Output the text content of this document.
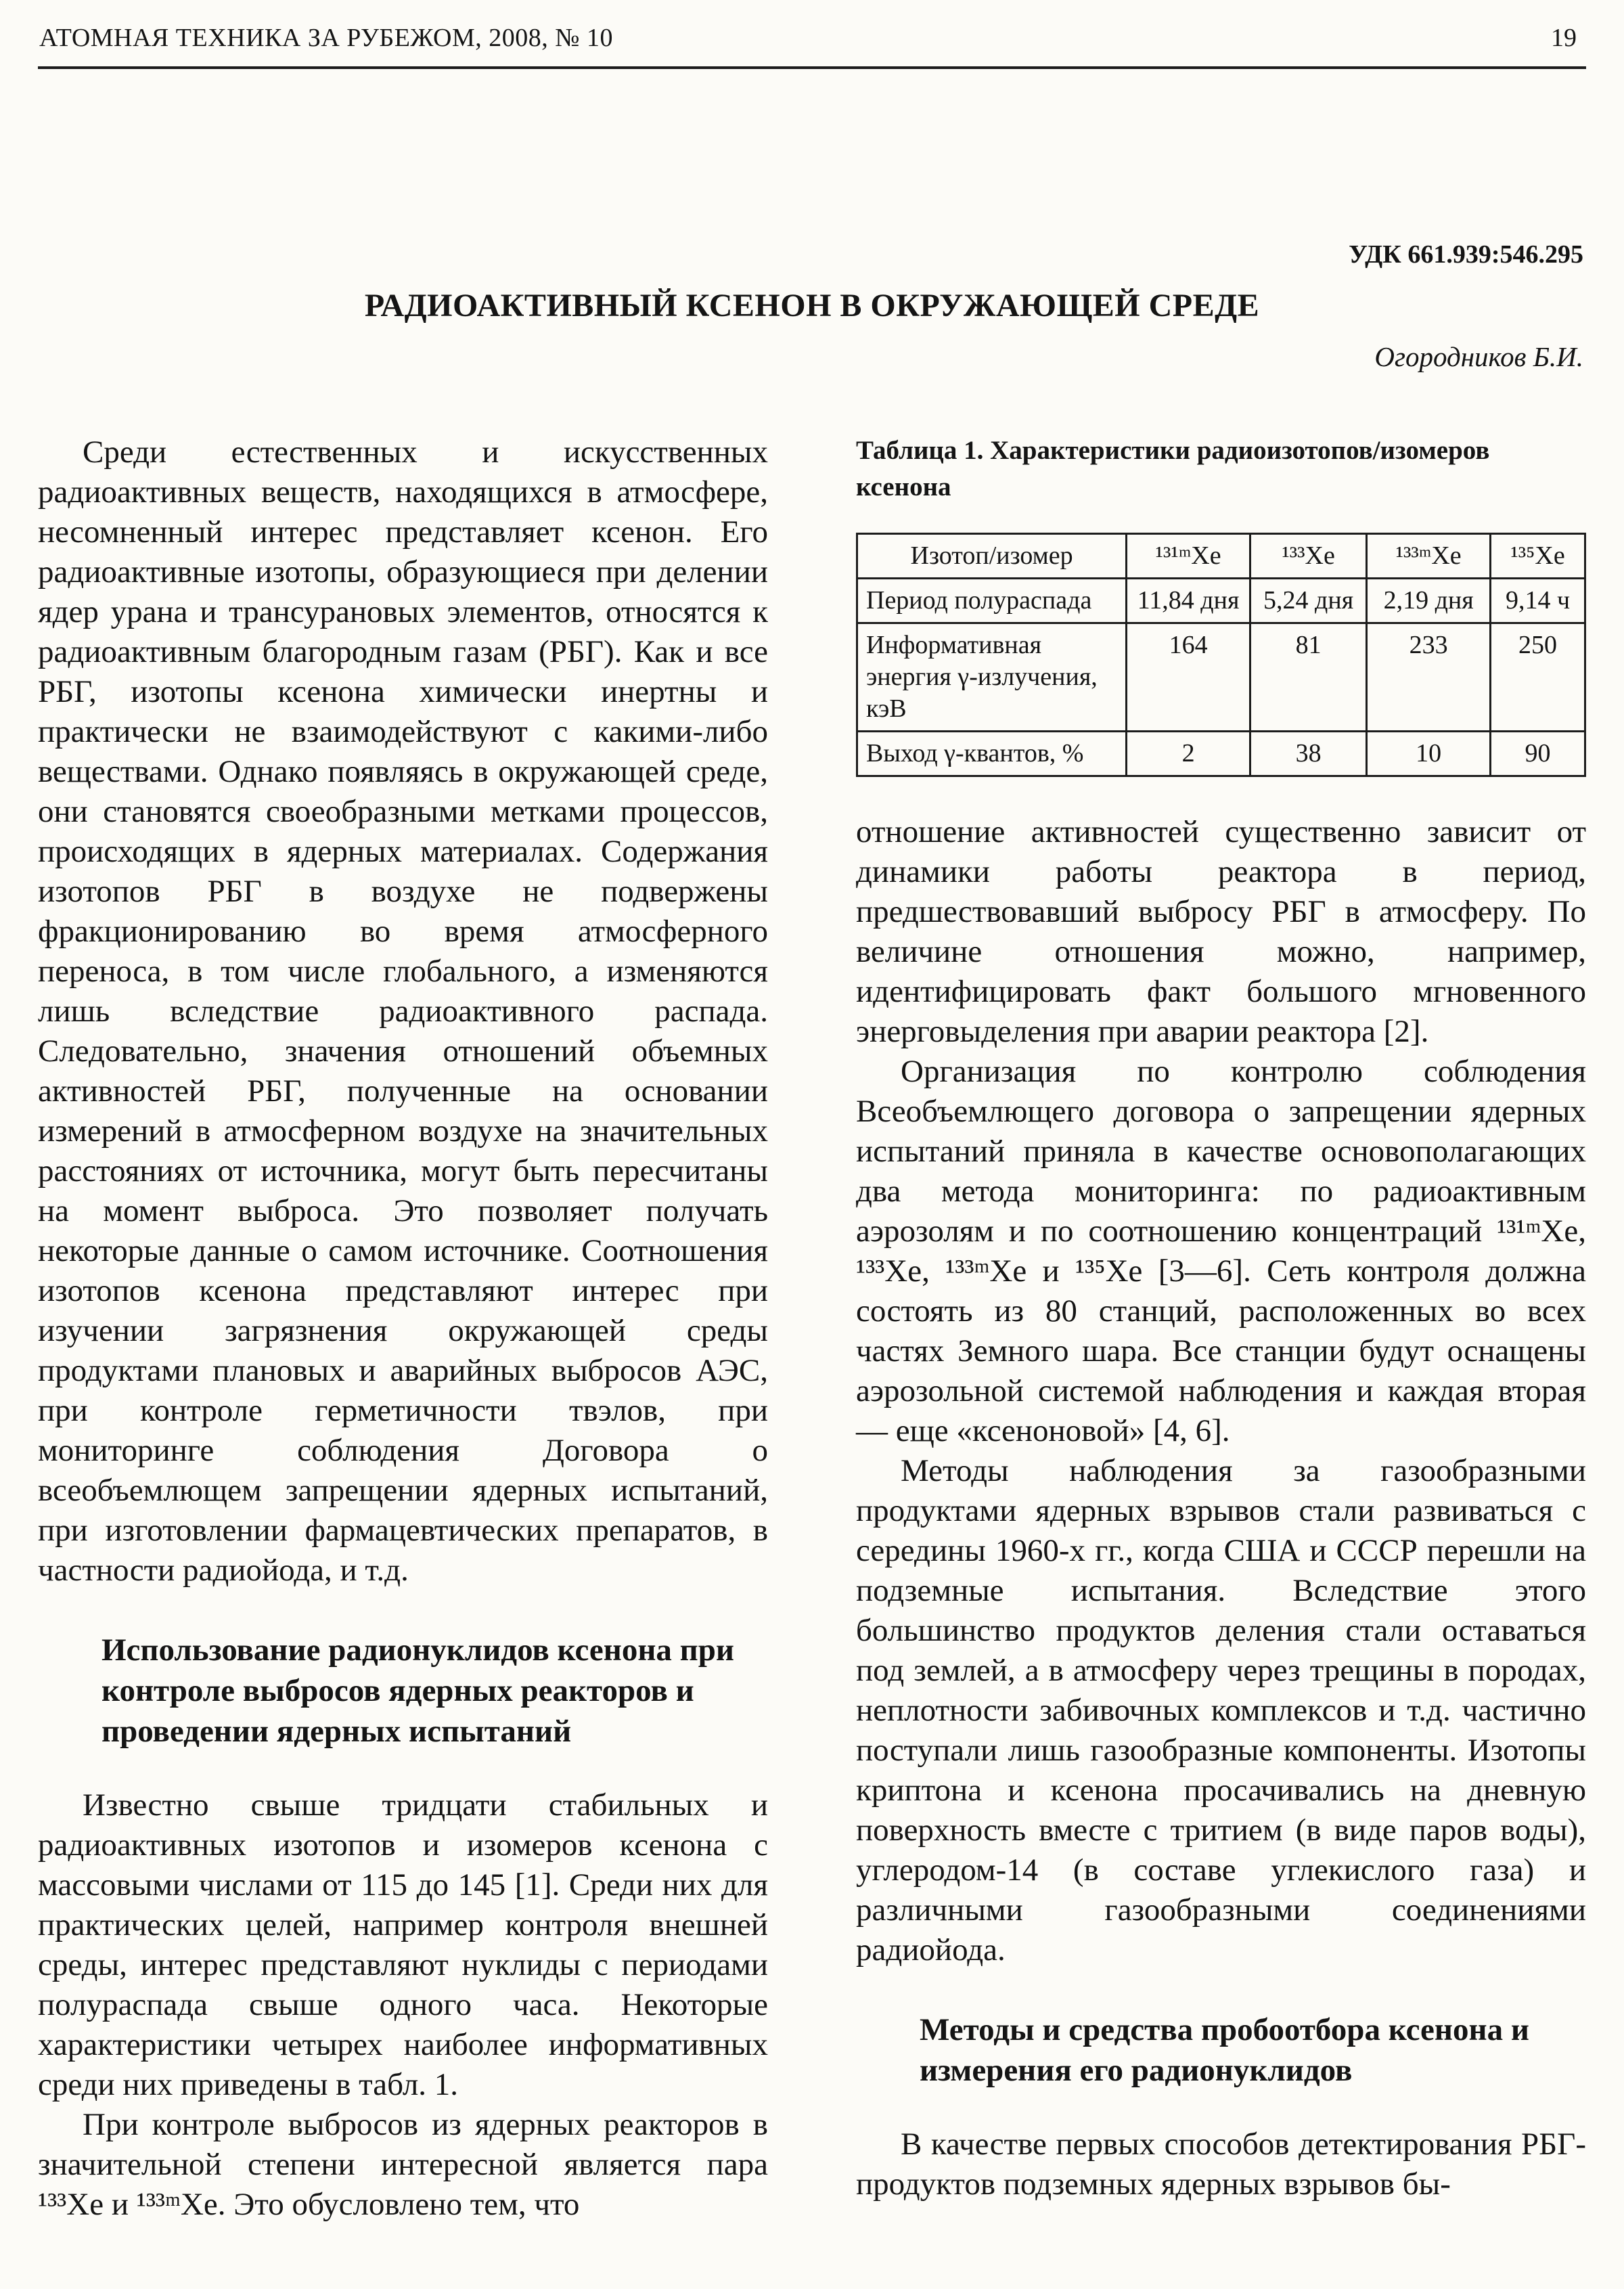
АТОМНАЯ ТЕХНИКА ЗА РУБЕЖОМ, 2008, № 10	19
УДК 661.939:546.295
РАДИОАКТИВНЫЙ КСЕНОН В ОКРУЖАЮЩЕЙ СРЕДЕ
Огородников Б.И.

Среди естественных и искусственных радиоактивных веществ, находящихся в атмосфере, несомненный интерес представляет ксенон. Его радиоактивные изотопы, образующиеся при делении ядер урана и трансурановых элементов, относятся к радиоактивным благородным газам (РБГ). Как и все РБГ, изотопы ксенона химически инертны и практически не взаимодействуют с какими-либо веществами. Однако появляясь в окружающей среде, они становятся своеобразными метками процессов, происходящих в ядерных материалах. Содержания изотопов РБГ в воздухе не подвержены фракционированию во время атмосферного переноса, в том числе глобального, а изменяются лишь вследствие радиоактивного распада. Следовательно, значения отношений объемных активностей РБГ, полученные на основании измерений в атмосферном воздухе на значительных расстояниях от источника, могут быть пересчитаны на момент выброса. Это позволяет получать некоторые данные о самом источнике. Соотношения изотопов ксенона представляют интерес при изучении загрязнения окружающей среды продуктами плановых и аварийных выбросов АЭС, при контроле герметичности твэлов, при мониторинге соблюдения Договора о всеобъемлющем запрещении ядерных испытаний, при изготовлении фармацевтических препаратов, в частности радиойода, и т.д.

Использование радионуклидов ксенона при контроле выбросов ядерных реакторов и проведении ядерных испытаний

Известно свыше тридцати стабильных и радиоактивных изотопов и изомеров ксенона с массовыми числами от 115 до 145 [1]. Среди них для практических целей, например контроля внешней среды, интерес представляют нуклиды с периодами полураспада свыше одного часа. Некоторые характеристики четырех наиболее информативных среди них приведены в табл. 1.

При контроле выбросов из ядерных реакторов в значительной степени интересной является пара ¹³³Xe и ¹³³ᵐXe. Это обусловлено тем, что

Таблица 1. Характеристики радиоизотопов/изомеров ксенона
Изотоп/изомер	¹³¹ᵐXe	¹³³Xe	¹³³ᵐXe	¹³⁵Xe
Период полураспада	11,84 дня	5,24 дня	2,19 дня	9,14 ч
Информативная энергия γ-излучения, кэВ	164	81	233	250
Выход γ-квантов, %	2	38	10	90

отношение активностей существенно зависит от динамики работы реактора в период, предшествовавший выбросу РБГ в атмосферу. По величине отношения можно, например, идентифицировать факт большого мгновенного энерговыделения при аварии реактора [2].

Организация по контролю соблюдения Всеобъемлющего договора о запрещении ядерных испытаний приняла в качестве основополагающих два метода мониторинга: по радиоактивным аэрозолям и по соотношению концентраций ¹³¹ᵐXe, ¹³³Xe, ¹³³ᵐXe и ¹³⁵Xe [3—6]. Сеть контроля должна состоять из 80 станций, расположенных во всех частях Земного шара. Все станции будут оснащены аэрозольной системой наблюдения и каждая вторая — еще «ксеноновой» [4, 6].

Методы наблюдения за газообразными продуктами ядерных взрывов стали развиваться с середины 1960-х гг., когда США и СССР перешли на подземные испытания. Вследствие этого большинство продуктов деления стали оставаться под землей, а в атмосферу через трещины в породах, неплотности забивочных комплексов и т.д. частично поступали лишь газообразные компоненты. Изотопы криптона и ксенона просачивались на дневную поверхность вместе с тритием (в виде паров воды), углеродом-14 (в составе углекислого газа) и различными газообразными соединениями радиойода.

Методы и средства пробоотбора ксенона и измерения его радионуклидов

В качестве первых способов детектирования РБГ-продуктов подземных ядерных взрывов бы-
